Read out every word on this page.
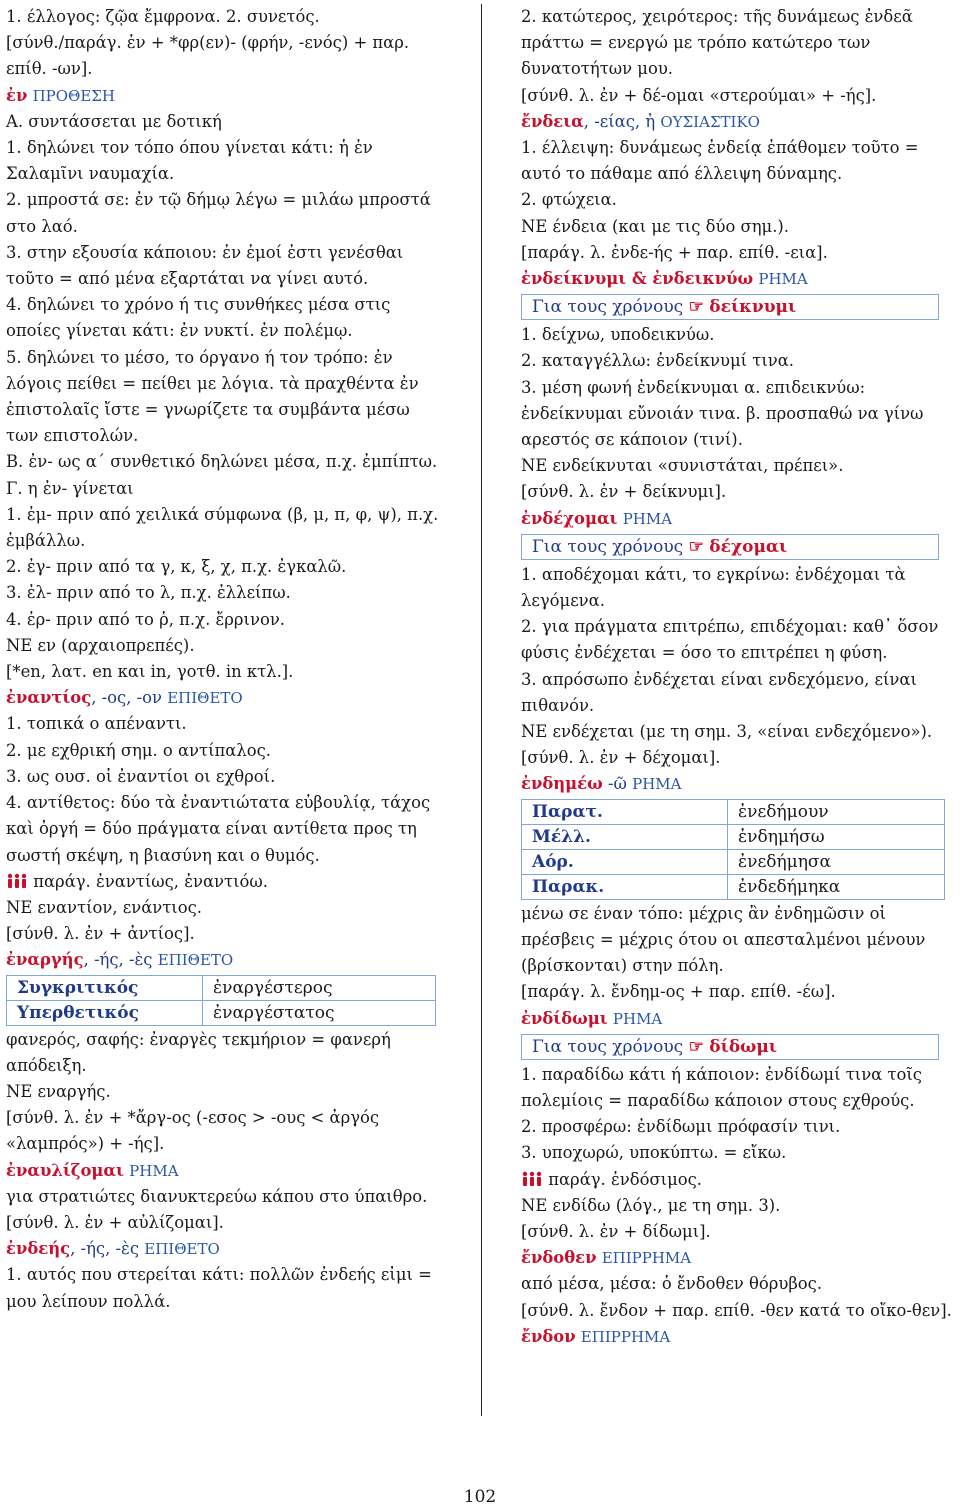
1. έλλογος: ζῷα ἔμφρονα. 2. συνετός.

[σύνθ./παράγ. ἐν + *φρ(εν)- (φρήν, -ενός) + παρ. επίθ. -ων].

ἐν ΠΡΟΘΕΣΗ

Α. συντάσσεται με δοτική

1. δηλώνει τον τόπο όπου γίνεται κάτι: ἡ ἐν Σαλαμῖνι ναυμαχία.

2. μπροστά σε: ἐν τῷ δήμῳ λέγω = μιλάω μπροστά στο λαό.

3. στην εξουσία κάποιου: ἐν ἐμοί ἐστι γενέσθαι τοῦτο = από μένα εξαρτάται να γίνει αυτό.

4. δηλώνει το χρόνο ή τις συνθήκες μέσα στις οποίες γίνεται κάτι: ἐν νυκτί. ἐν πολέμῳ.

5. δηλώνει το μέσο, το όργανο ή τον τρόπο: ἐν λόγοις πείθει = πείθει με λόγια. τὰ πραχθέντα ἐν ἐπιστολαῖς ἴστε = γνωρίζετε τα συμβάντα μέσω των επιστολών.

Β. ἐν- ως α΄ συνθετικό δηλώνει μέσα, π.χ. ἐμπίπτω.

Γ. η ἐν- γίνεται

1. ἐμ- πριν από χειλικά σύμφωνα (β, μ, π, φ, ψ), π.χ. ἐμβάλλω.

2. ἐγ- πριν από τα γ, κ, ξ, χ, π.χ. ἐγκαλῶ.

3. ἐλ- πριν από το λ, π.χ. ἐλλείπω.

4. ἐρ- πριν από το ῥ, π.χ. ἔρρινον.

ΝΕ εν (αρχαιοπρεπές).

[*en, λατ. en και in, γοτθ. in κτλ.].

ἐναντίος, -ος, -ον ΕΠΙΘΕΤΟ

1. τοπικά ο απέναντι.

2. με εχθρική σημ. ο αντίπαλος.

3. ως ουσ. οἱ ἐναντίοι οι εχθροί.

4. αντίθετος: δύο τὰ ἐναντιώτατα εὐβουλίᾳ, τάχος καὶ ὀργή = δύο πράγματα είναι αντίθετα προς τη σωστή σκέψη, η βιασύνη και ο θυμός.

παράγ. ἐναντίως, ἐναντιόω.

ΝΕ εναντίον, ενάντιος.

[σύνθ. λ. ἐν + ἀντίος].

ἐναργής, -ής, -ὲς ΕΠΙΘΕΤΟ

Συγκριτικός	ἐναργέστερος
Υπερθετικός	ἐναργέστατος

φανερός, σαφής: ἐναργὲς τεκμήριον = φανερή απόδειξη.

ΝΕ εναργής.

[σύνθ. λ. ἐν + *ἄργ-ος (-εσος > -ους < ἀργός «λαμπρός») + -ής].

ἐναυλίζομαι ΡΗΜΑ

για στρατιώτες διανυκτερεύω κάπου στο ύπαιθρο.

[σύνθ. λ. ἐν + αὐλίζομαι].

ἐνδεής, -ής, -ὲς ΕΠΙΘΕΤΟ

1. αυτός που στερείται κάτι: πολλῶν ἐνδεής εἰμι = μου λείπουν πολλά.

2. κατώτερος, χειρότερος: τῆς δυνάμεως ἐνδεᾶ πράττω = ενεργώ με τρόπο κατώτερο των δυνατοτήτων μου.

[σύνθ. λ. ἐν + δέ-ομαι «στερούμαι» + -ής].

ἔνδεια, -είας, ἡ ΟΥΣΙΑΣΤΙΚΟ

1. έλλειψη: δυνάμεως ἐνδείᾳ ἐπάθομεν τοῦτο = αυτό το πάθαμε από έλλειψη δύναμης.

2. φτώχεια.

ΝΕ ένδεια (και με τις δύο σημ.).

[παράγ. λ. ἐνδε-ής + παρ. επίθ. -εια].

ἐνδείκνυμι & ἐνδεικνύω ΡΗΜΑ

Για τους χρόνους ☞ δείκνυμι

1. δείχνω, υποδεικνύω.

2. καταγγέλλω: ἐνδείκνυμί τινα.

3. μέση φωνή ἐνδείκνυμαι α. επιδεικνύω: ἐνδείκνυμαι εὔνοιάν τινα. β. προσπαθώ να γίνω αρεστός σε κάποιον (τινί).

ΝΕ ενδείκνυται «συνιστάται, πρέπει».

[σύνθ. λ. ἐν + δείκνυμι].

ἐνδέχομαι ΡΗΜΑ

Για τους χρόνους ☞ δέχομαι

1. αποδέχομαι κάτι, το εγκρίνω: ἐνδέχομαι τὰ λεγόμενα.

2. για πράγματα επιτρέπω, επιδέχομαι: καθ᾽ ὅσον φύσις ἐνδέχεται = όσο το επιτρέπει η φύση.

3. απρόσωπο ἐνδέχεται είναι ενδεχόμενο, είναι πιθανόν.

ΝΕ ενδέχεται (με τη σημ. 3, «είναι ενδεχόμενο»).

[σύνθ. λ. ἐν + δέχομαι].

ἐνδημέω -ῶ ΡΗΜΑ

Παρατ.	ἐνεδήμουν
Μέλλ.	ἐνδημήσω
Αόρ.	ἐνεδήμησα
Παρακ.	ἐνδεδήμηκα

μένω σε έναν τόπο: μέχρις ἂν ἐνδημῶσιν οἱ πρέσβεις = μέχρις ότου οι απεσταλμένοι μένουν (βρίσκονται) στην πόλη.

[παράγ. λ. ἔνδημ-ος + παρ. επίθ. -έω].

ἐνδίδωμι ΡΗΜΑ

Για τους χρόνους ☞ δίδωμι

1. παραδίδω κάτι ή κάποιον: ἐνδίδωμί τινα τοῖς πολεμίοις = παραδίδω κάποιον στους εχθρούς.

2. προσφέρω: ἐνδίδωμι πρόφασίν τινι.

3. υποχωρώ, υποκύπτω. = εἴκω.

παράγ. ἐνδόσιμος.

ΝΕ ενδίδω (λόγ., με τη σημ. 3).

[σύνθ. λ. ἐν + δίδωμι].

ἔνδοθεν ΕΠΙΡΡΗΜΑ

από μέσα, μέσα: ὁ ἔνδοθεν θόρυβος.

[σύνθ. λ. ἔνδον + παρ. επίθ. -θεν κατά το οἴκο-θεν].

ἔνδον ΕΠΙΡΡΗΜΑ

102
